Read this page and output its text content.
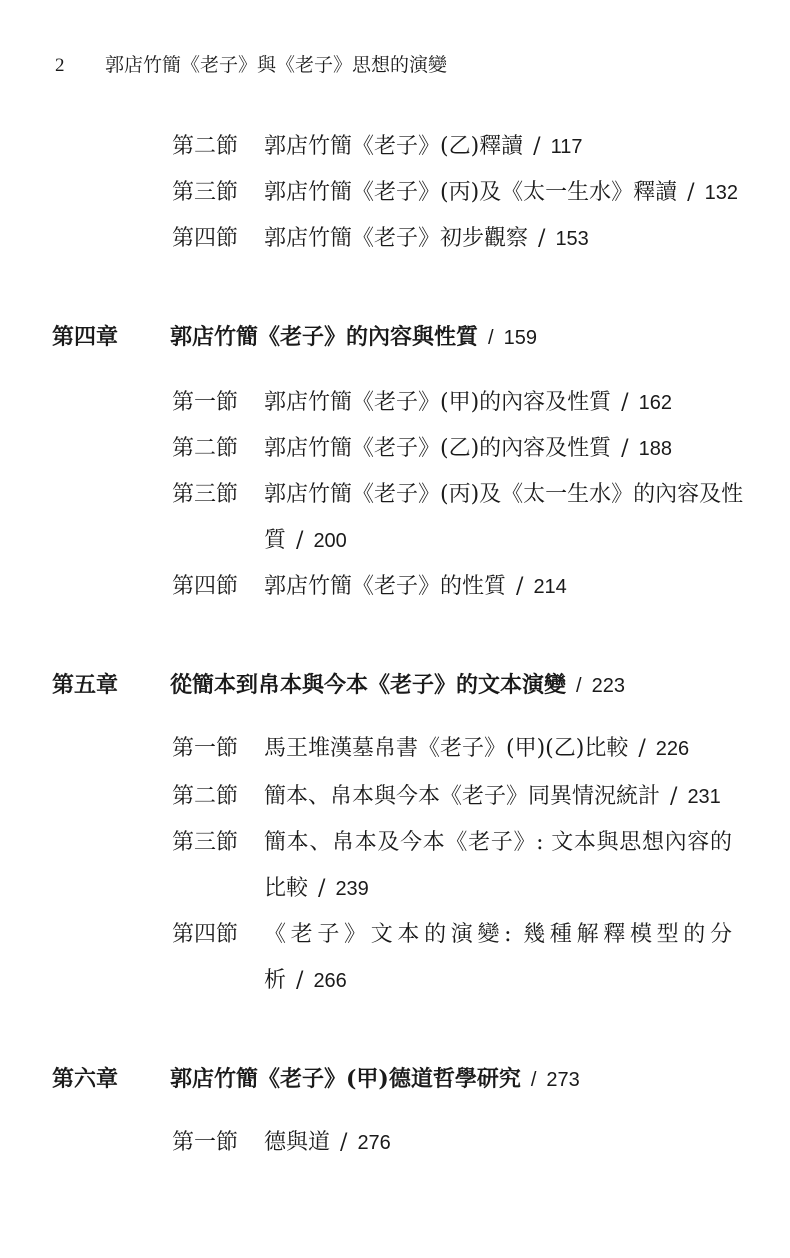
2 郭店竹簡《老子》與《老子》思想的演變
第二節 郭店竹簡《老子》(乙)釋讀 / 117
第三節 郭店竹簡《老子》(丙)及《太一生水》釋讀 / 132
第四節 郭店竹簡《老子》初步觀察 / 153
第四章 郭店竹簡《老子》的內容與性質 / 159
第一節 郭店竹簡《老子》(甲)的內容及性質 / 162
第二節 郭店竹簡《老子》(乙)的內容及性質 / 188
第三節 郭店竹簡《老子》(丙)及《太一生水》的內容及性
質 / 200
第四節 郭店竹簡《老子》的性質 / 214
第五章 從簡本到帛本與今本《老子》的文本演變 / 223
第一節 馬王堆漢墓帛書《老子》(甲)(乙)比較 / 226
第二節 簡本、帛本與今本《老子》同異情況統計 / 231
第三節 簡本、帛本及今本《老子》: 文本與思想內容的
比較 / 239
第四節 《老子》文本的演變: 幾種解釋模型的分
析 / 266
第六章 郭店竹簡《老子》(甲)德道哲學研究 / 273
第一節 德與道 / 276
